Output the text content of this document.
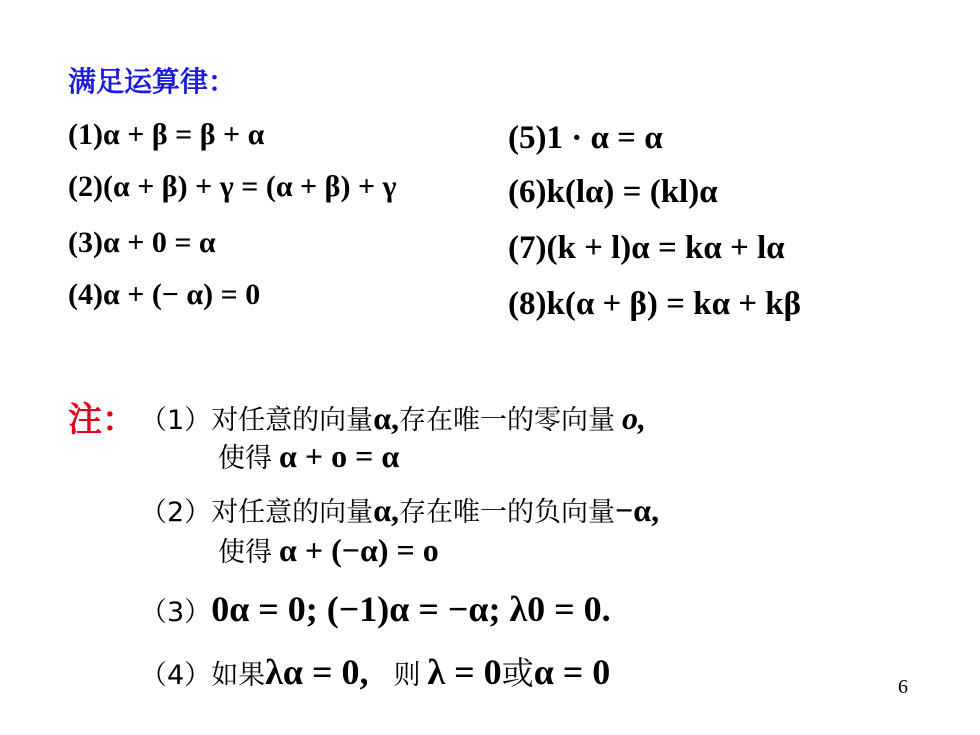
满足运算律：
(1)α + β = β + α
(2)(α + β) + γ = (α + β) + γ
(3)α + 0 = α
(4)α + (− α) = 0
(5)1 · α = α
(6)k(lα) = (kl)α
(7)(k + l)α = kα + lα
(8)k(α + β) = kα + kβ
注： （1）对任意的向量α,存在唯一的零向量 o,
使得 α + o = α
（2）对任意的向量α,存在唯一的负向量−α,
使得 α + (−α) = o
（3）0α = 0; (−1)α = −α; λ0 = 0.
（4）如果λα = 0, 则 λ = 0或α = 0	6
